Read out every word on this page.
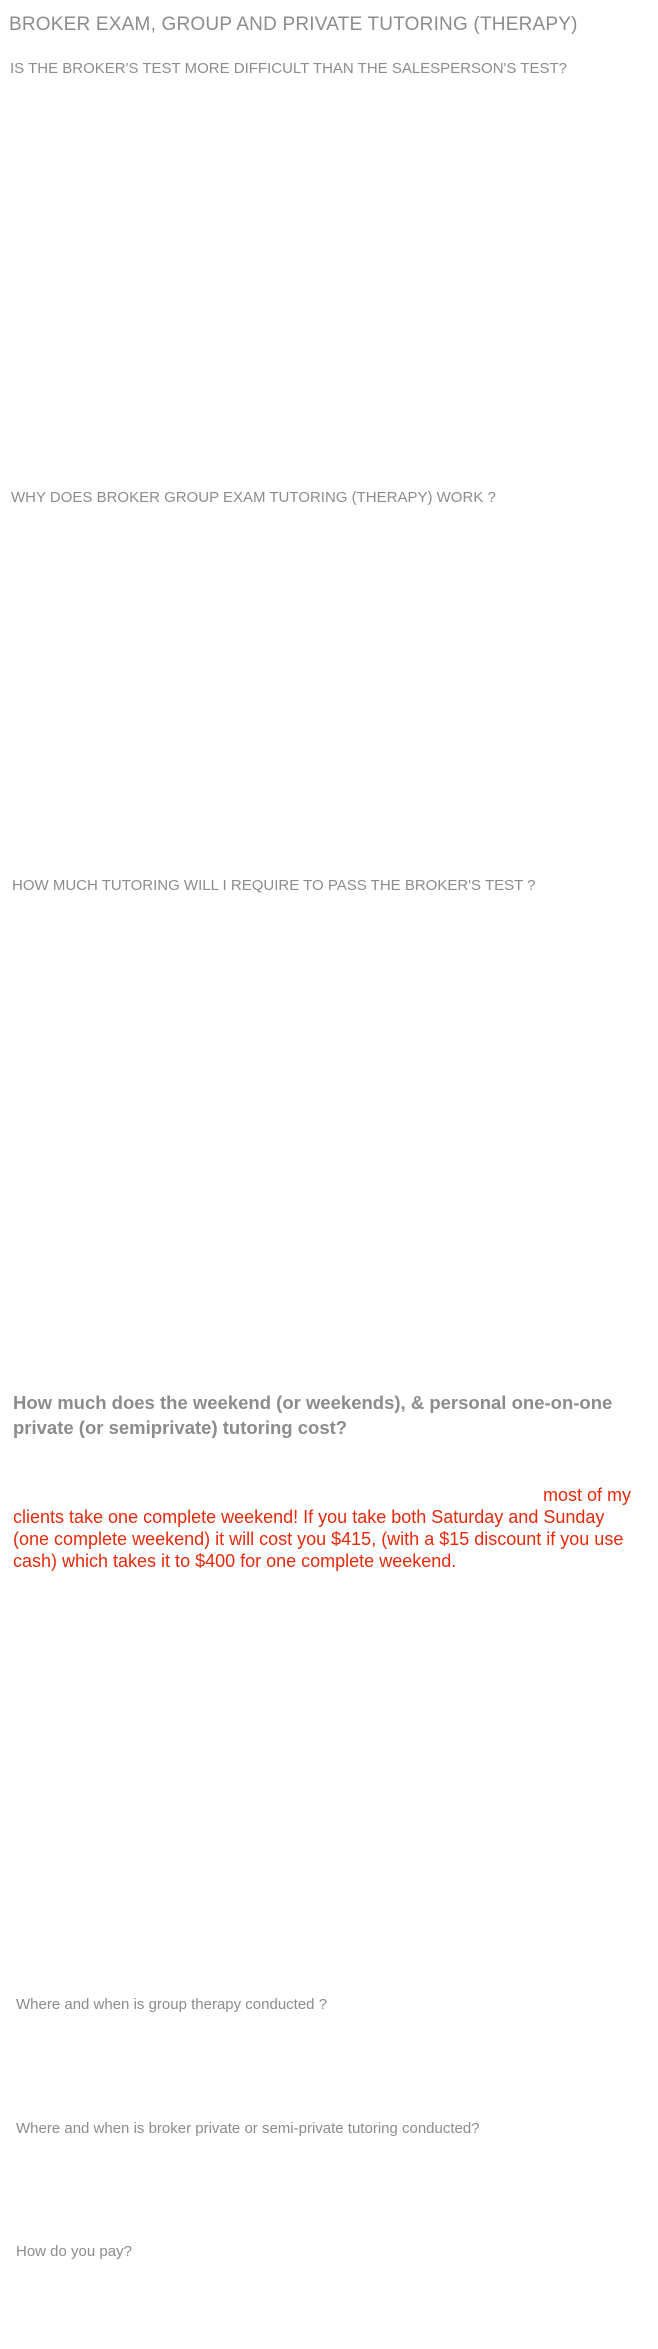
BROKER EXAM, GROUP AND PRIVATE TUTORING (THERAPY)
IS THE BROKER'S TEST MORE DIFFICULT THAN THE SALESPERSON'S TEST?
WHY DOES BROKER GROUP EXAM TUTORING (THERAPY) WORK ?
HOW MUCH TUTORING WILL I REQUIRE TO PASS THE BROKER'S TEST ?
How much does the weekend (or weekends), & personal one-on-one private (or semiprivate) tutoring cost?
most of my
clients take one complete weekend! If you take both Saturday and Sunday (one complete weekend) it will cost you $415, (with a $15 discount if you use cash) which takes it to $400 for one complete weekend.
Where and when is group therapy conducted ?
Where and when is broker private or semi-private tutoring conducted?
How do you pay?
